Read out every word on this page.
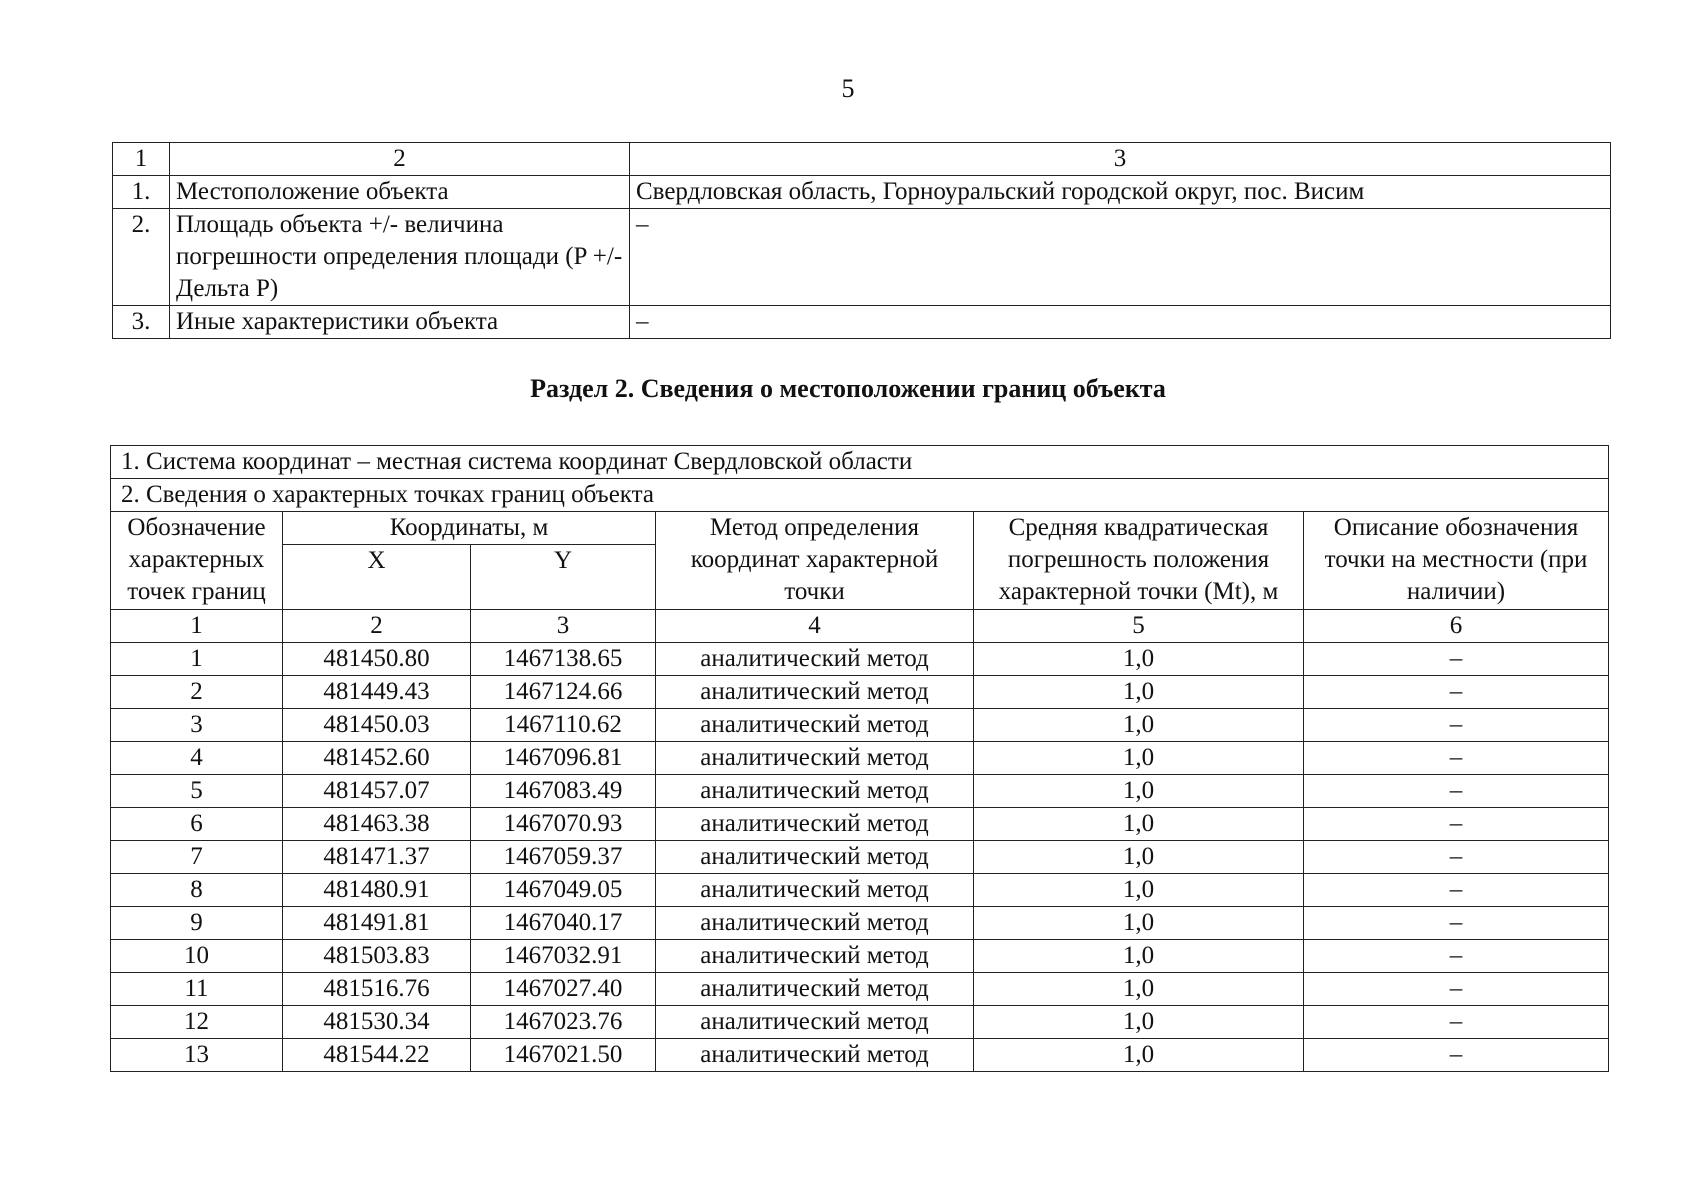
5
1	2	3
1.	Местоположение объекта	Свердловская область, Горноуральский городской округ, пос. Висим
2.	Площадь объекта +/- величина погрешности определения площади (P +/- Дельта P)	–
3.	Иные характеристики объекта	–
Раздел 2. Сведения о местоположении границ объекта
1. Система координат – местная система координат Свердловской области					
2. Сведения о характерных точках границ объекта					
Обозначение характерных точек границ	Координаты, м		Метод определения координат характерной точки	Средняя квадратическая погрешность положения характерной точки (Mt), м	Описание обозначения точки на местности (при наличии)
	X	Y			
1	2	3	4	5	6
1	481450.80	1467138.65	аналитический метод	1,0	–
2	481449.43	1467124.66	аналитический метод	1,0	–
3	481450.03	1467110.62	аналитический метод	1,0	–
4	481452.60	1467096.81	аналитический метод	1,0	–
5	481457.07	1467083.49	аналитический метод	1,0	–
6	481463.38	1467070.93	аналитический метод	1,0	–
7	481471.37	1467059.37	аналитический метод	1,0	–
8	481480.91	1467049.05	аналитический метод	1,0	–
9	481491.81	1467040.17	аналитический метод	1,0	–
10	481503.83	1467032.91	аналитический метод	1,0	–
11	481516.76	1467027.40	аналитический метод	1,0	–
12	481530.34	1467023.76	аналитический метод	1,0	–
13	481544.22	1467021.50	аналитический метод	1,0	–
